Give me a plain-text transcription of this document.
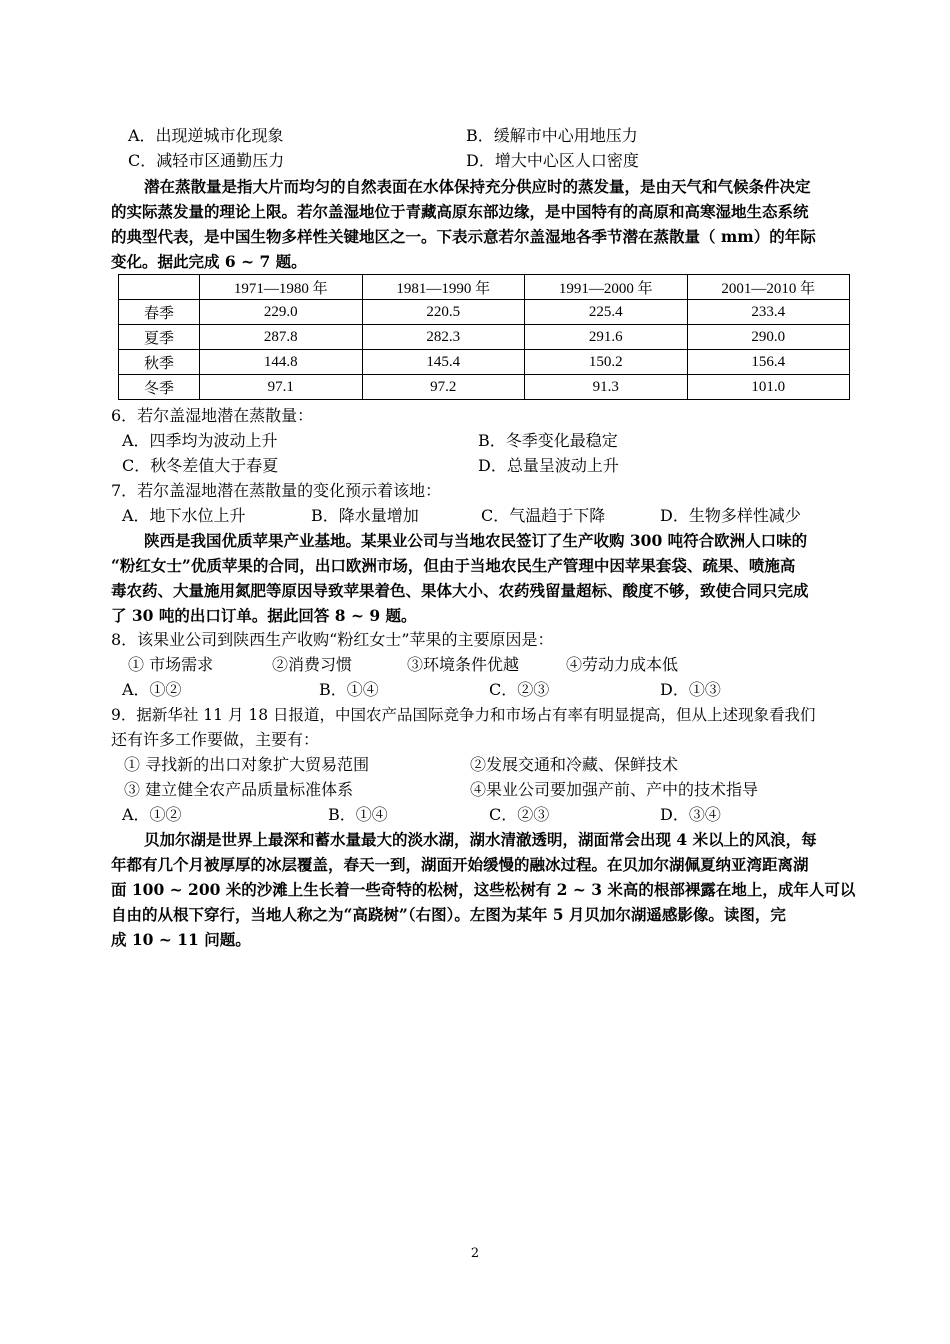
A．出现逆城市化现象	B．缓解市中心用地压力
C．减轻市区通勤压力	D．增大中心区人口密度
潜在蒸散量是指大片而均匀的自然表面在水体保持充分供应时的蒸发量，是由天气和气候条件决定
的实际蒸发量的理论上限。若尔盖湿地位于青藏高原东部边缘，是中国特有的高原和高寒湿地生态系统
的典型代表，是中国生物多样性关键地区之一。下表示意若尔盖湿地各季节潜在蒸散量（ mm）的年际
变化。据此完成 6 ~ 7 题。
	1971—1980 年	1981—1990 年	1991—2000 年	2001—2010 年
春季	229.0	220.5	225.4	233.4
夏季	287.8	282.3	291.6	290.0
秋季	144.8	145.4	150.2	156.4
冬季	97.1	97.2	91.3	101.0
6．若尔盖湿地潜在蒸散量：
A．四季均为波动上升	B．冬季变化最稳定
C．秋冬差值大于春夏	D．总量呈波动上升
7．若尔盖湿地潜在蒸散量的变化预示着该地：
A．地下水位上升	B．降水量增加	C．气温趋于下降	D．生物多样性减少
陕西是我国优质苹果产业基地。某果业公司与当地农民签订了生产收购 300 吨符合欧洲人口味的
“粉红女士”优质苹果的合同，出口欧洲市场，但由于当地农民生产管理中因苹果套袋、疏果、喷施高
毒农药、大量施用氮肥等原因导致苹果着色、果体大小、农药残留量超标、酸度不够，致使合同只完成
了 30 吨的出口订单。据此回答 8 ~ 9 题。
8．该果业公司到陕西生产收购“粉红女士”苹果的主要原因是：
① 市场需求	②消费习惯	③环境条件优越	④劳动力成本低
A．①②	B．①④	C．②③	D．①③
9．据新华社 11 月 18 日报道，中国农产品国际竞争力和市场占有率有明显提高，但从上述现象看我们
还有许多工作要做，主要有：
① 寻找新的出口对象扩大贸易范围	②发展交通和冷藏、保鲜技术
③ 建立健全农产品质量标准体系	④果业公司要加强产前、产中的技术指导
A．①②	B．①④	C．②③	D．③④
贝加尔湖是世界上最深和蓄水量最大的淡水湖，湖水清澈透明，湖面常会出现 4 米以上的风浪，每
年都有几个月被厚厚的冰层覆盖，春天一到，湖面开始缓慢的融冰过程。在贝加尔湖佩夏纳亚湾距离湖
面 100 ~ 200 米的沙滩上生长着一些奇特的松树，这些松树有 2 ~ 3 米高的根部裸露在地上，成年人可以
自由的从根下穿行，当地人称之为“高跷树”（右图）。左图为某年 5 月贝加尔湖遥感影像。读图，完
成 10 ~ 11 问题。
2
